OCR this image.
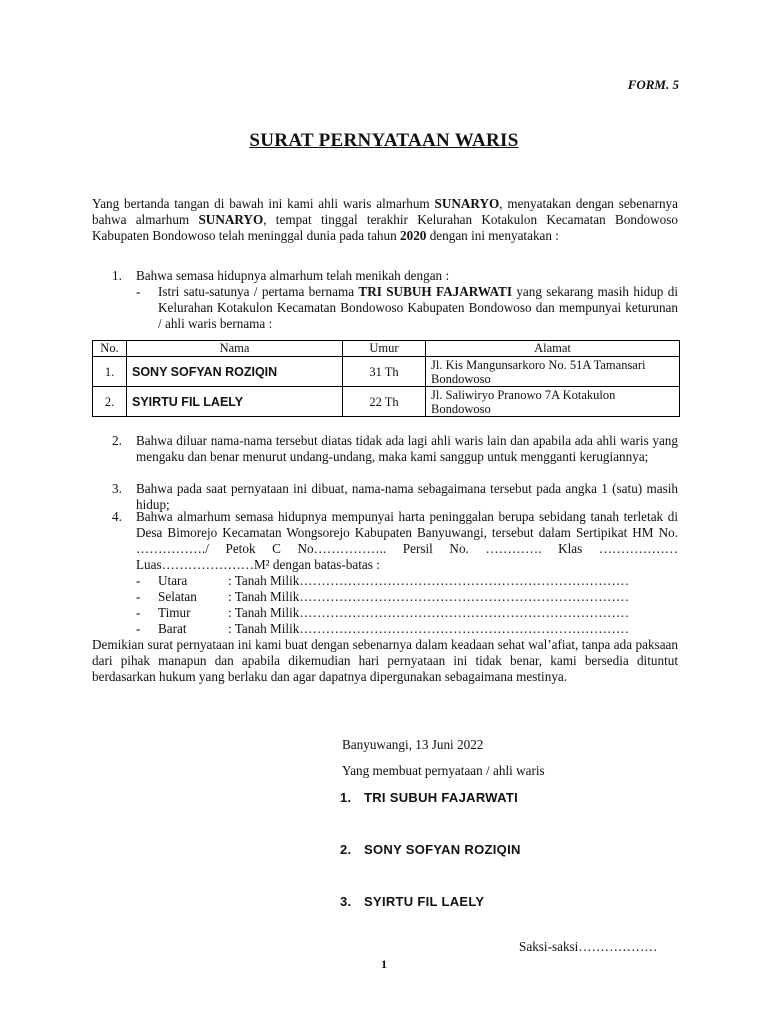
FORM. 5
SURAT PERNYATAAN WARIS
Yang bertanda tangan di bawah ini kami ahli waris almarhum SUNARYO, menyatakan dengan sebenarnya bahwa almarhum SUNARYO, tempat tinggal terakhir Kelurahan Kotakulon Kecamatan Bondowoso Kabupaten Bondowoso telah meninggal dunia pada tahun 2020 dengan ini menyatakan :
1. Bahwa semasa hidupnya almarhum telah menikah dengan :
- Istri satu-satunya / pertama bernama TRI SUBUH FAJARWATI yang sekarang masih hidup di Kelurahan Kotakulon Kecamatan Bondowoso Kabupaten Bondowoso dan mempunyai keturunan / ahli waris bernama :
No.	Nama	Umur	Alamat
1.	SONY SOFYAN ROZIQIN	31 Th	Jl. Kis Mangunsarkoro No. 51A Tamansari Bondowoso
2.	SYIRTU FIL LAELY	22 Th	Jl. Saliwiryo Pranowo 7A Kotakulon Bondowoso
2. Bahwa diluar nama-nama tersebut diatas tidak ada lagi ahli waris lain dan apabila ada ahli waris yang mengaku dan benar menurut undang-undang, maka kami sanggup untuk mengganti kerugiannya;
3. Bahwa pada saat pernyataan ini dibuat, nama-nama sebagaimana tersebut pada angka 1 (satu) masih hidup;
4. Bahwa almarhum semasa hidupnya mempunyai harta peninggalan berupa sebidang tanah terletak di Desa Bimorejo Kecamatan Wongsorejo Kabupaten Banyuwangi, tersebut dalam Sertipikat HM No. ……………./ Petok C No…………….. Persil No. …………. Klas ……………… Luas…………………M² dengan batas-batas :
-	Utara	: Tanah Milik…………………………………………………………………
-	Selatan	: Tanah Milik…………………………………………………………………
-	Timur	: Tanah Milik…………………………………………………………………
-	Barat	: Tanah Milik…………………………………………………………………
Demikian surat pernyataan ini kami buat dengan sebenarnya dalam keadaan sehat wal’afiat, tanpa ada paksaan dari pihak manapun dan apabila dikemudian hari pernyataan ini tidak benar, kami bersedia dituntut berdasarkan hukum yang berlaku dan agar dapatnya dipergunakan sebagaimana mestinya.
Banyuwangi, 13 Juni 2022
Yang membuat pernyataan / ahli waris
1. TRI SUBUH FAJARWATI
2. SONY SOFYAN ROZIQIN
3. SYIRTU FIL LAELY
Saksi-saksi………………
1
